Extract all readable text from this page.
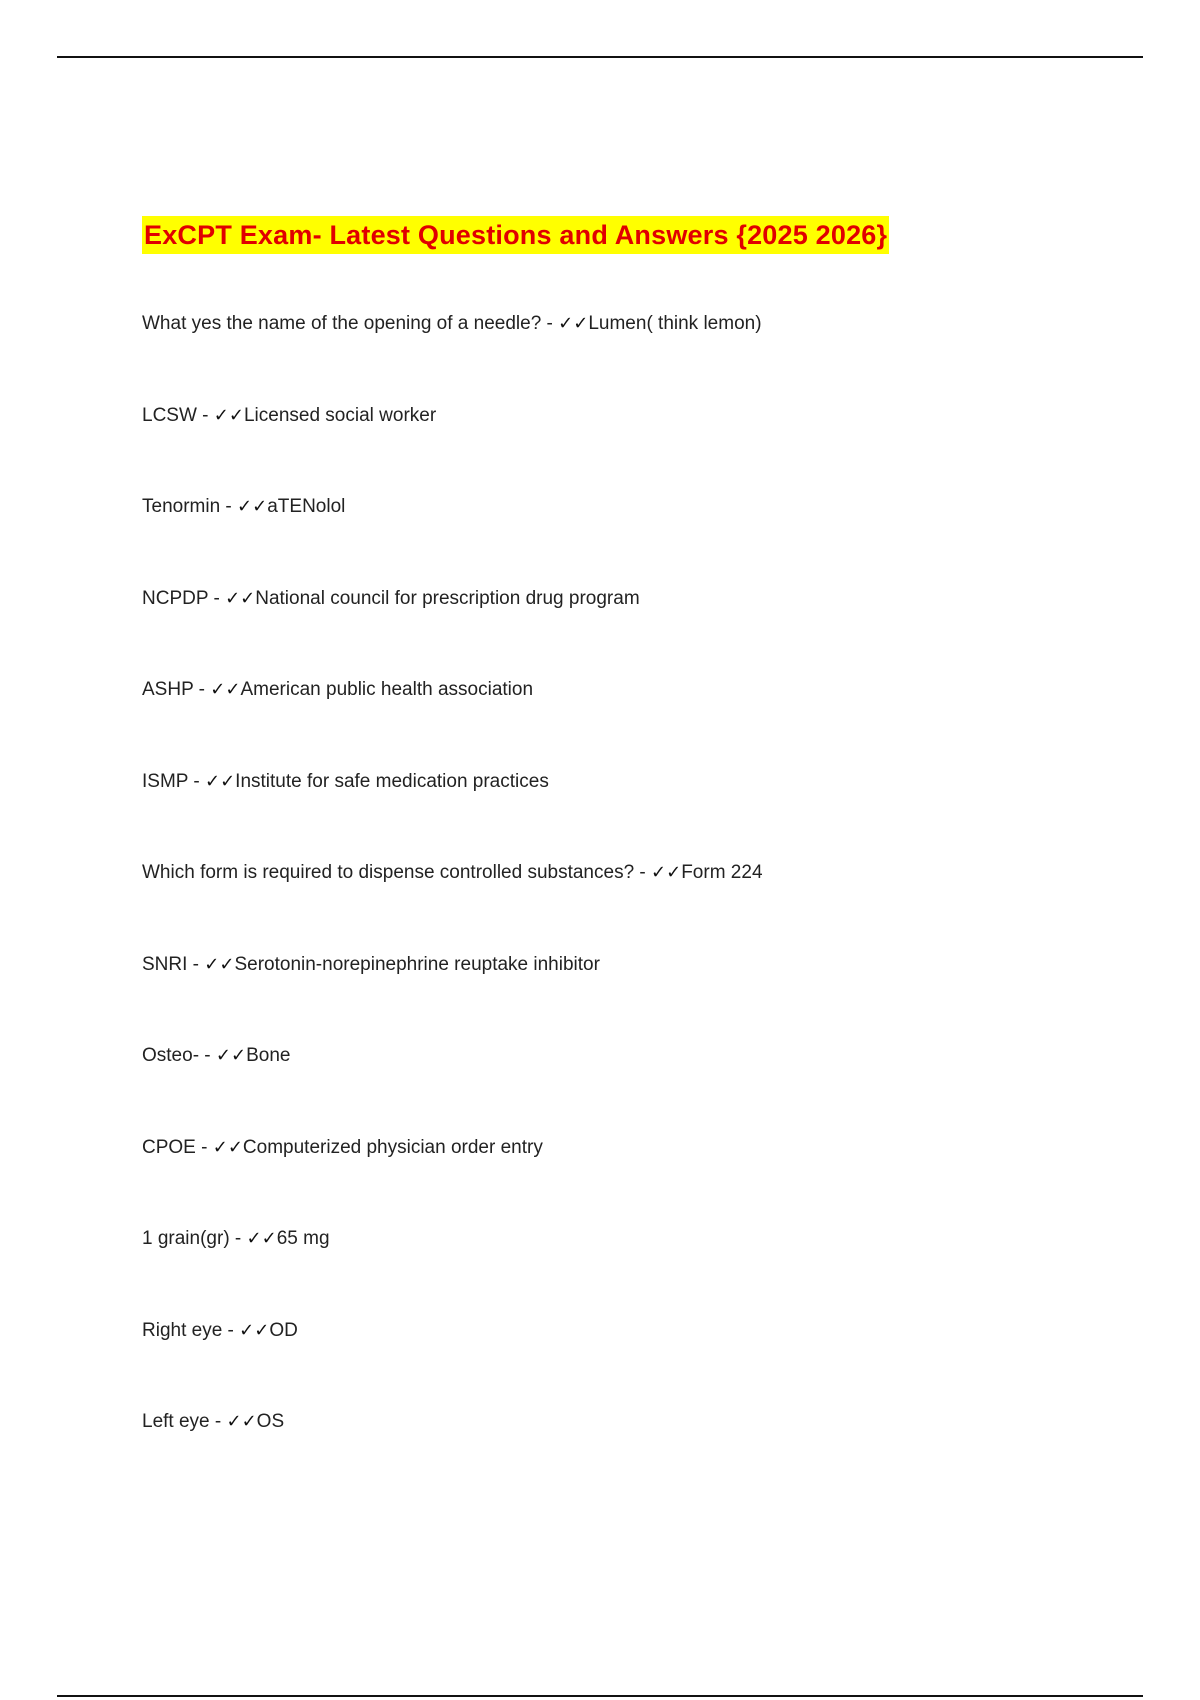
ExCPT Exam- Latest Questions and Answers {2025 2026}
What yes the name of the opening of a needle? - ✓✓Lumen( think lemon)
LCSW - ✓✓Licensed social worker
Tenormin - ✓✓aTENolol
NCPDP - ✓✓National council for prescription drug program
ASHP - ✓✓American public health association
ISMP - ✓✓Institute for safe medication practices
Which form is required to dispense controlled substances? - ✓✓Form 224
SNRI - ✓✓Serotonin-norepinephrine reuptake inhibitor
Osteo- - ✓✓Bone
CPOE - ✓✓Computerized physician order entry
1 grain(gr) - ✓✓65 mg
Right eye - ✓✓OD
Left eye - ✓✓OS
